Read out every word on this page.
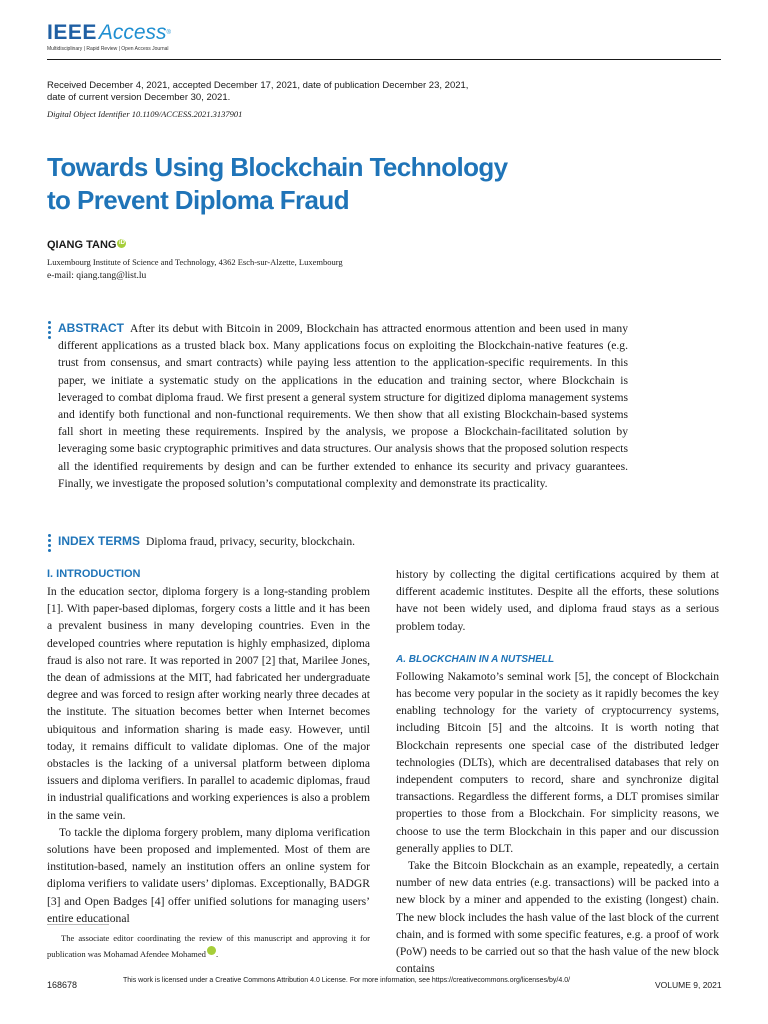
IEEEAccess®
Multidisciplinary | Rapid Review | Open Access Journal
Received December 4, 2021, accepted December 17, 2021, date of publication December 23, 2021,
date of current version December 30, 2021.
Digital Object Identifier 10.1109/ACCESS.2021.3137901
Towards Using Blockchain Technology
to Prevent Diploma Fraud
QIANG TANG iD
Luxembourg Institute of Science and Technology, 4362 Esch-sur-Alzette, Luxembourg
e-mail: qiang.tang@list.lu
ABSTRACT After its debut with Bitcoin in 2009, Blockchain has attracted enormous attention and been used in many different applications as a trusted black box. Many applications focus on exploiting the Blockchain-native features (e.g. trust from consensus, and smart contracts) while paying less attention to the application-specific requirements. In this paper, we initiate a systematic study on the applications in the education and training sector, where Blockchain is leveraged to combat diploma fraud. We first present a general system structure for digitized diploma management systems and identify both functional and non-functional requirements. We then show that all existing Blockchain-based systems fall short in meeting these requirements. Inspired by the analysis, we propose a Blockchain-facilitated solution by leveraging some basic cryptographic primitives and data structures. Our analysis shows that the proposed solution respects all the identified requirements by design and can be further extended to enhance its security and privacy guarantees. Finally, we investigate the proposed solution’s computational complexity and demonstrate its practicality.
INDEX TERMS Diploma fraud, privacy, security, blockchain.
I. INTRODUCTION

In the education sector, diploma forgery is a long-standing problem [1]. With paper-based diplomas, forgery costs a little and it has been a prevalent business in many developing countries. Even in the developed countries where reputation is highly emphasized, diploma fraud is also not rare. It was reported in 2007 [2] that, Marilee Jones, the dean of admissions at the MIT, had fabricated her undergraduate degree and was forced to resign after working nearly three decades at the institute. The situation becomes better when Internet becomes ubiquitous and information sharing is made easy. However, until today, it remains difficult to validate diplomas. One of the major obstacles is the lacking of a universal platform between diploma issuers and diploma verifiers. In parallel to academic diplomas, fraud in industrial qualifications and working experiences is also a problem in the same vein.

To tackle the diploma forgery problem, many diploma verification solutions have been proposed and implemented. Most of them are institution-based, namely an institution offers an online system for diploma verifiers to validate users’ diplomas. Exceptionally, BADGR [3] and Open Badges [4] offer unified solutions for managing users’ entire educational

history by collecting the digital certifications acquired by them at different academic institutes. Despite all the efforts, these solutions have not been widely used, and diploma fraud stays as a serious problem today.

A. BLOCKCHAIN IN A NUTSHELL

Following Nakamoto’s seminal work [5], the concept of Blockchain has become very popular in the society as it rapidly becomes the key enabling technology for the variety of cryptocurrency systems, including Bitcoin [5] and the altcoins. It is worth noting that Blockchain represents one special case of the distributed ledger technologies (DLTs), which are decentralised databases that rely on independent computers to record, share and synchronize digital transactions. Regardless the different forms, a DLT promises similar properties to those from a Blockchain. For simplicity reasons, we choose to use the term Blockchain in this paper and our discussion generally applies to DLT.

Take the Bitcoin Blockchain as an example, repeatedly, a certain number of new data entries (e.g. transactions) will be packed into a new block by a miner and appended to the existing (longest) chain. The new block includes the hash value of the last block of the current chain, and is formed with some specific features, e.g. a proof of work (PoW) needs to be carried out so that the hash value of the new block contains

The associate editor coordinating the review of this manuscript and approving it for publication was Mohamad Afendee Mohamed	iD.
168678	This work is licensed under a Creative Commons Attribution 4.0 License. For more information, see https://creativecommons.org/licenses/by/4.0/	VOLUME 9, 2021
